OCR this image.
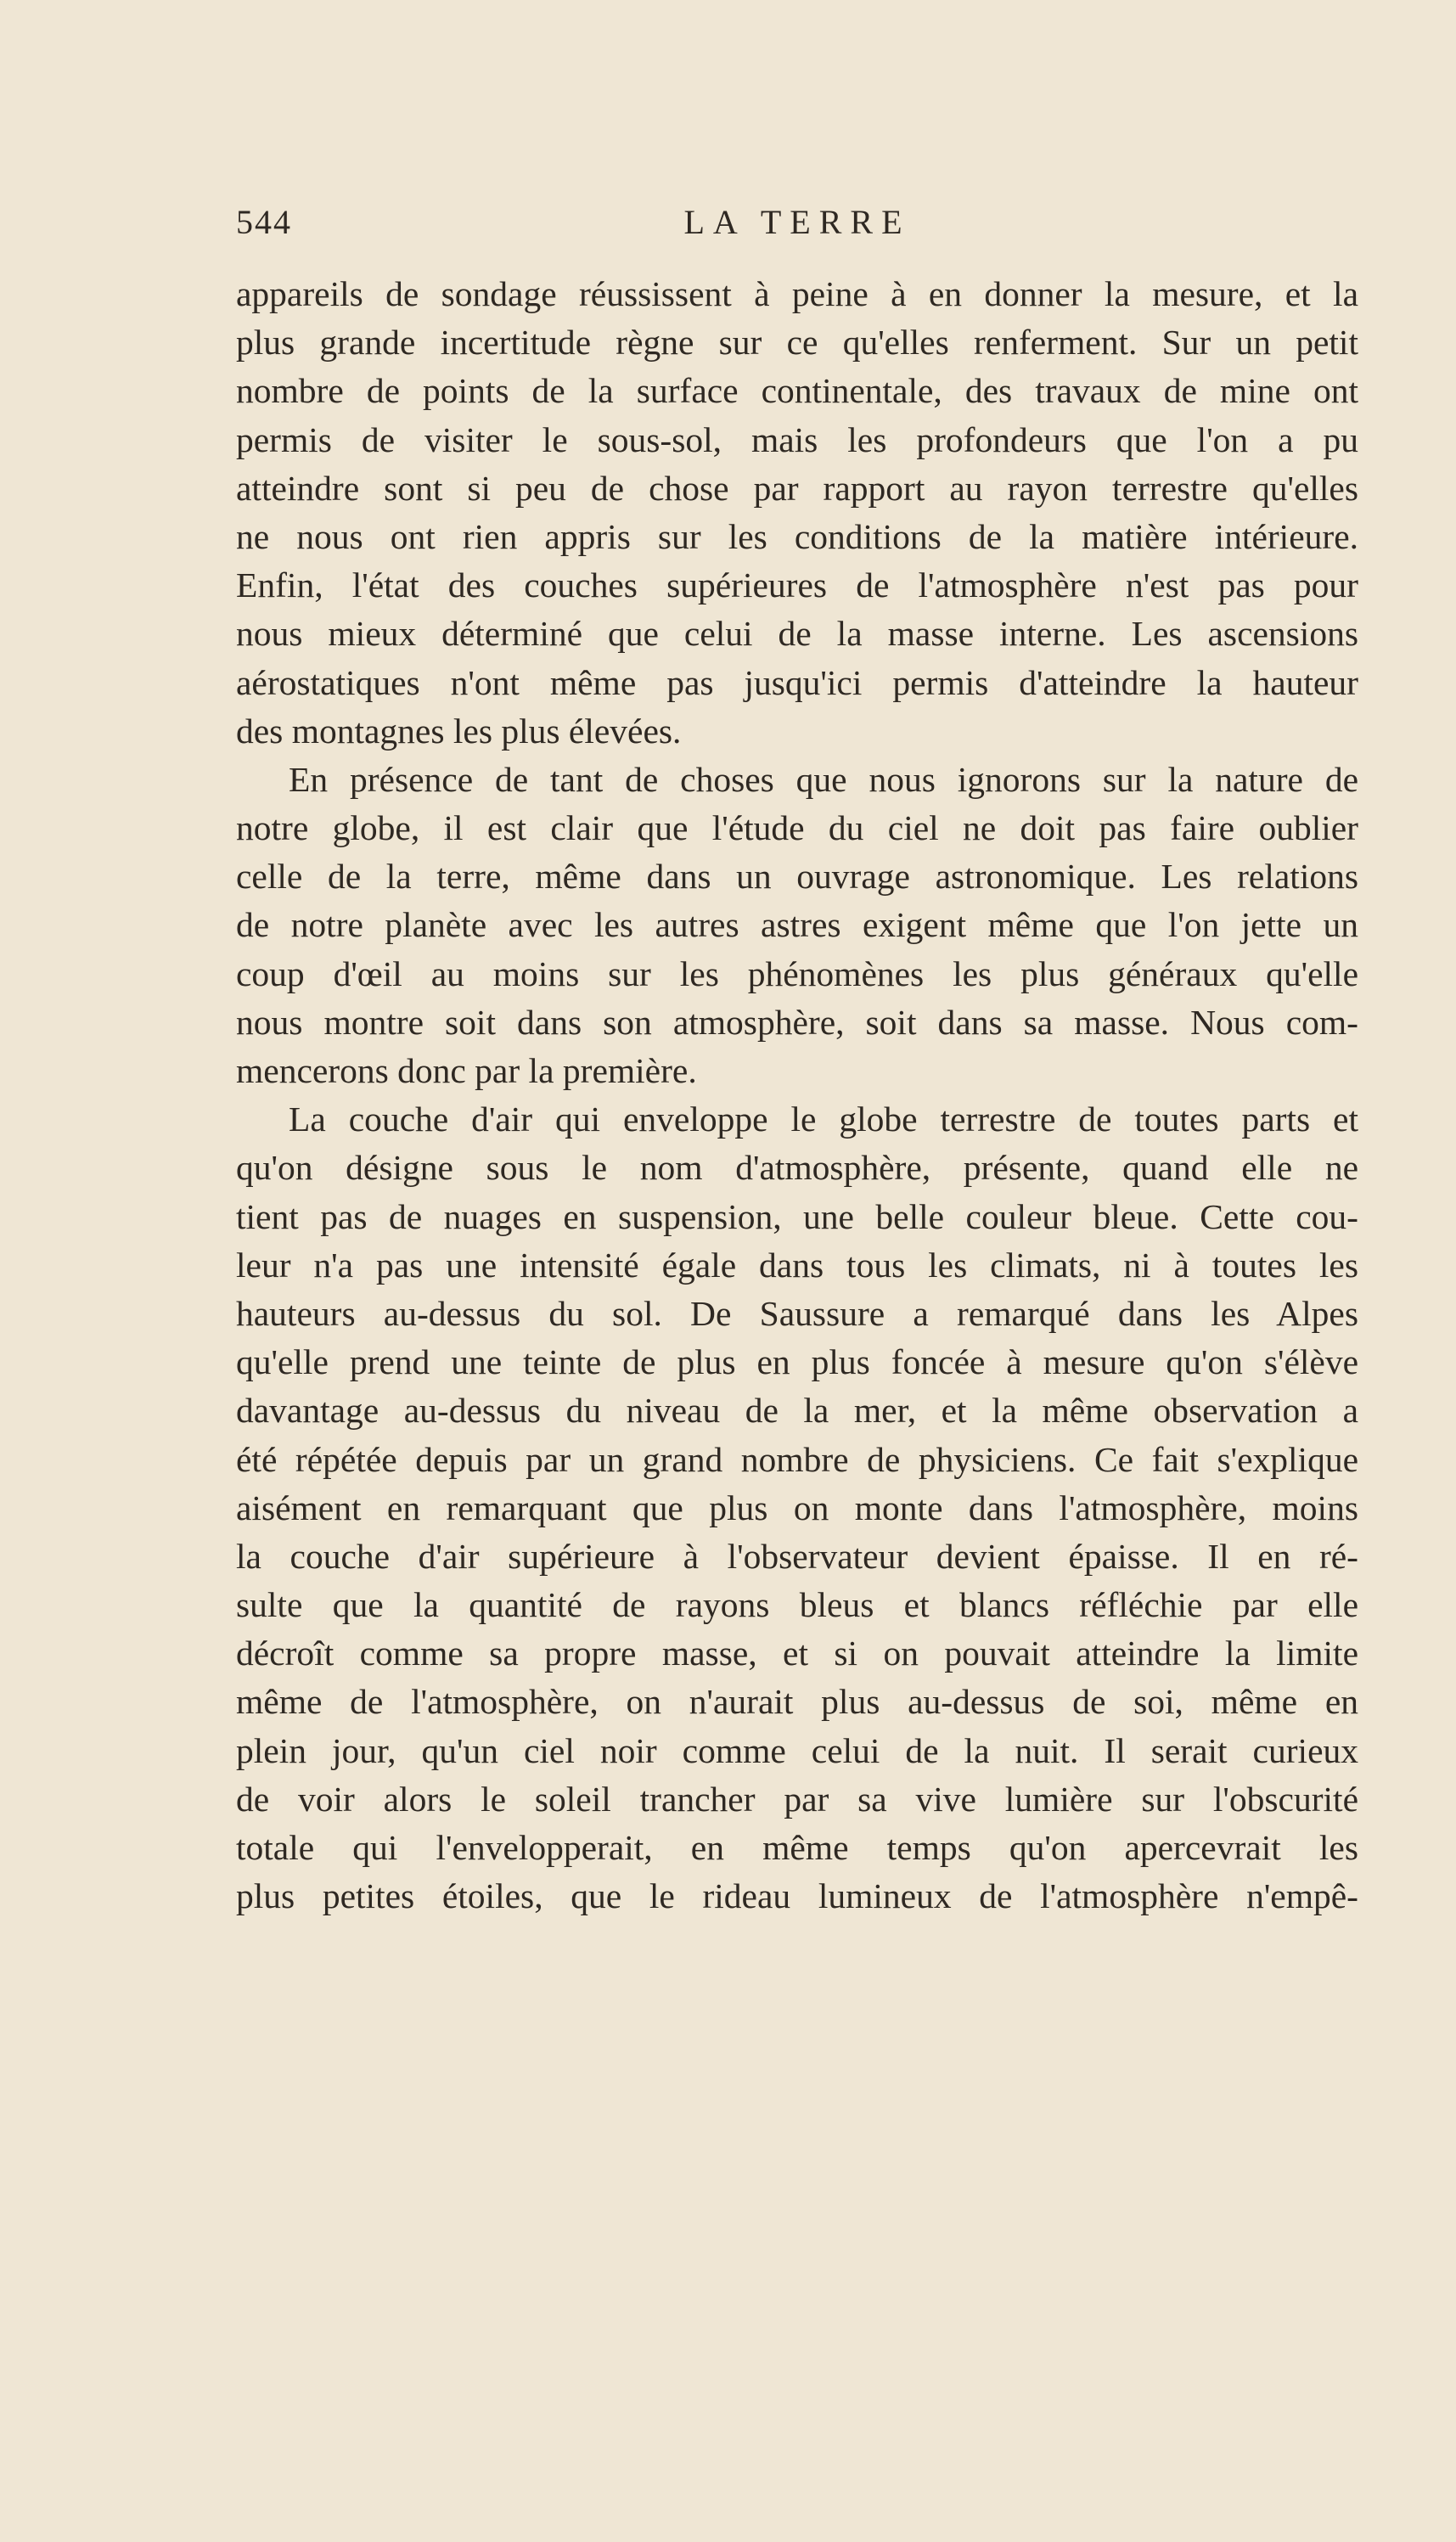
544	LA TERRE
appareils de sondage réussissent à peine à en donner la mesure, et la
plus grande incertitude règne sur ce qu'elles renferment. Sur un petit
nombre de points de la surface continentale, des travaux de mine ont
permis de visiter le sous-sol, mais les profondeurs que l'on a pu
atteindre sont si peu de chose par rapport au rayon terrestre qu'elles
ne nous ont rien appris sur les conditions de la matière intérieure.
Enfin, l'état des couches supérieures de l'atmosphère n'est pas pour
nous mieux déterminé que celui de la masse interne. Les ascensions
aérostatiques n'ont même pas jusqu'ici permis d'atteindre la hauteur
des montagnes les plus élevées.
En présence de tant de choses que nous ignorons sur la nature de
notre globe, il est clair que l'étude du ciel ne doit pas faire oublier
celle de la terre, même dans un ouvrage astronomique. Les relations
de notre planète avec les autres astres exigent même que l'on jette un
coup d'œil au moins sur les phénomènes les plus généraux qu'elle
nous montre soit dans son atmosphère, soit dans sa masse. Nous com-
mencerons donc par la première.
La couche d'air qui enveloppe le globe terrestre de toutes parts et
qu'on désigne sous le nom d'atmosphère, présente, quand elle ne
tient pas de nuages en suspension, une belle couleur bleue. Cette cou-
leur n'a pas une intensité égale dans tous les climats, ni à toutes les
hauteurs au-dessus du sol. De Saussure a remarqué dans les Alpes
qu'elle prend une teinte de plus en plus foncée à mesure qu'on s'élève
davantage au-dessus du niveau de la mer, et la même observation a
été répétée depuis par un grand nombre de physiciens. Ce fait s'explique
aisément en remarquant que plus on monte dans l'atmosphère, moins
la couche d'air supérieure à l'observateur devient épaisse. Il en ré-
sulte que la quantité de rayons bleus et blancs réfléchie par elle
décroît comme sa propre masse, et si on pouvait atteindre la limite
même de l'atmosphère, on n'aurait plus au-dessus de soi, même en
plein jour, qu'un ciel noir comme celui de la nuit. Il serait curieux
de voir alors le soleil trancher par sa vive lumière sur l'obscurité
totale qui l'envelopperait, en même temps qu'on apercevrait les
plus petites étoiles, que le rideau lumineux de l'atmosphère n'empê-
